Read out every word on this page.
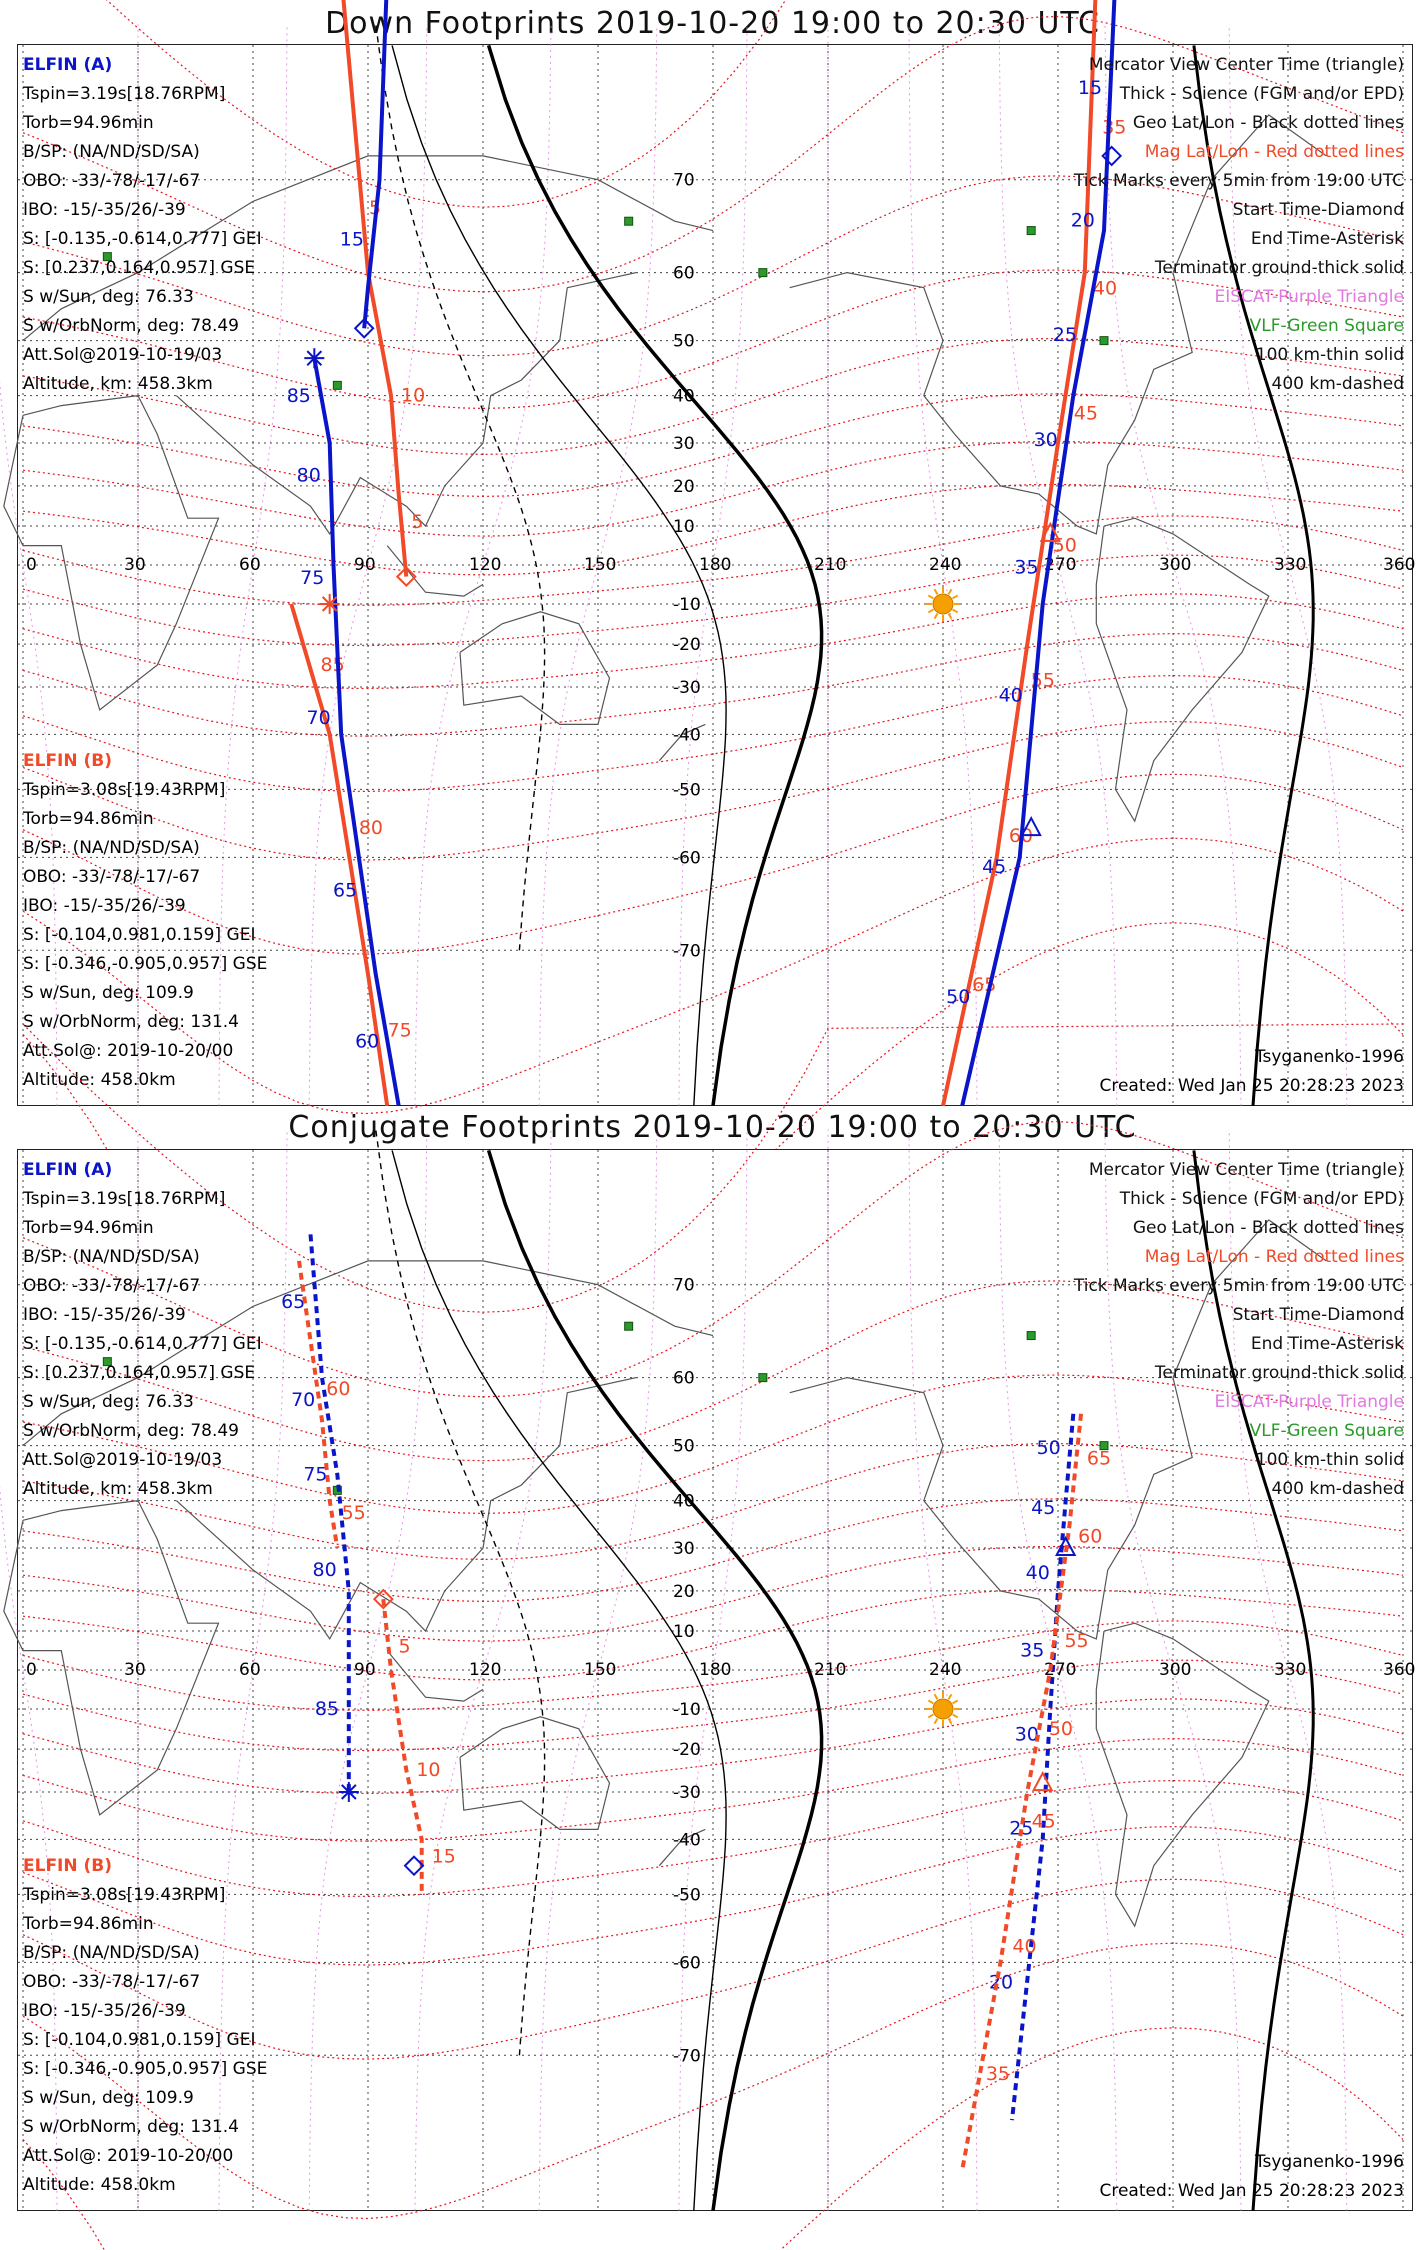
Down Footprints 2019-10-20 19:00 to 20:30 UTC
0	30	60	90	120	150	180	210	240	270	300	330	360
70
60
50
40
30
20
10
-10
-20
-30
-40
-50
-60
-70
5
10
5
15
85
80
75
85
80
75
70
65
60
35
40
45
50
55
60
65
15
20
25
30
35
40
45
50
ELFIN (A)
Tspin=3.19s[18.76RPM]
Torb=94.96min
B/SP: (NA/ND/SD/SA)
OBO: -33/-78/-17/-67
IBO: -15/-35/26/-39
S: [-0.135,-0.614,0.777] GEI
S: [0.237,0.164,0.957] GSE
S w/Sun, deg: 76.33
S w/OrbNorm, deg: 78.49
Att.Sol@2019-10-19/03
Altitude, km: 458.3km
ELFIN (B)
Tspin=3.08s[19.43RPM]
Torb=94.86min
B/SP: (NA/ND/SD/SA)
OBO: -33/-78/-17/-67
IBO: -15/-35/26/-39
S: [-0.104,0.981,0.159] GEI
S: [-0.346,-0.905,0.957] GSE
S w/Sun, deg: 109.9
S w/OrbNorm, deg: 131.4
Att.Sol@: 2019-10-20/00
Altitude: 458.0km
Mercator View Center Time (triangle)
Thick - Science (FGM and/or EPD)
Geo Lat/Lon - Black dotted lines
Mag Lat/Lon - Red dotted lines
Tick Marks every 5min from 19:00 UTC
Start Time-Diamond
End Time-Asterisk
Terminator ground-thick solid
EISCAT-Purple Triangle
VLF-Green Square
100 km-thin solid
400 km-dashed
Tsyganenko-1996
Created: Wed Jan 25 20:28:23 2023
Conjugate Footprints 2019-10-20 19:00 to 20:30 UTC
0	30	60	90	120	150	180	210	240	270	300	330	360
70
60
50
40
30
20
10
-10
-20
-30
-40
-50
-60
-70
65
70
75
80
85
60
55
5
10
15
50
45
40
35
30
25
20
65
60
55
50
45
40
35
ELFIN (A)
Tspin=3.19s[18.76RPM]
Torb=94.96min
B/SP: (NA/ND/SD/SA)
OBO: -33/-78/-17/-67
IBO: -15/-35/26/-39
S: [-0.135,-0.614,0.777] GEI
S: [0.237,0.164,0.957] GSE
S w/Sun, deg: 76.33
S w/OrbNorm, deg: 78.49
Att.Sol@2019-10-19/03
Altitude, km: 458.3km
ELFIN (B)
Tspin=3.08s[19.43RPM]
Torb=94.86min
B/SP: (NA/ND/SD/SA)
OBO: -33/-78/-17/-67
IBO: -15/-35/26/-39
S: [-0.104,0.981,0.159] GEI
S: [-0.346,-0.905,0.957] GSE
S w/Sun, deg: 109.9
S w/OrbNorm, deg: 131.4
Att.Sol@: 2019-10-20/00
Altitude: 458.0km
Mercator View Center Time (triangle)
Thick - Science (FGM and/or EPD)
Geo Lat/Lon - Black dotted lines
Mag Lat/Lon - Red dotted lines
Tick Marks every 5min from 19:00 UTC
Start Time-Diamond
End Time-Asterisk
Terminator ground-thick solid
EISCAT-Purple Triangle
VLF-Green Square
100 km-thin solid
400 km-dashed
Tsyganenko-1996
Created: Wed Jan 25 20:28:23 2023
